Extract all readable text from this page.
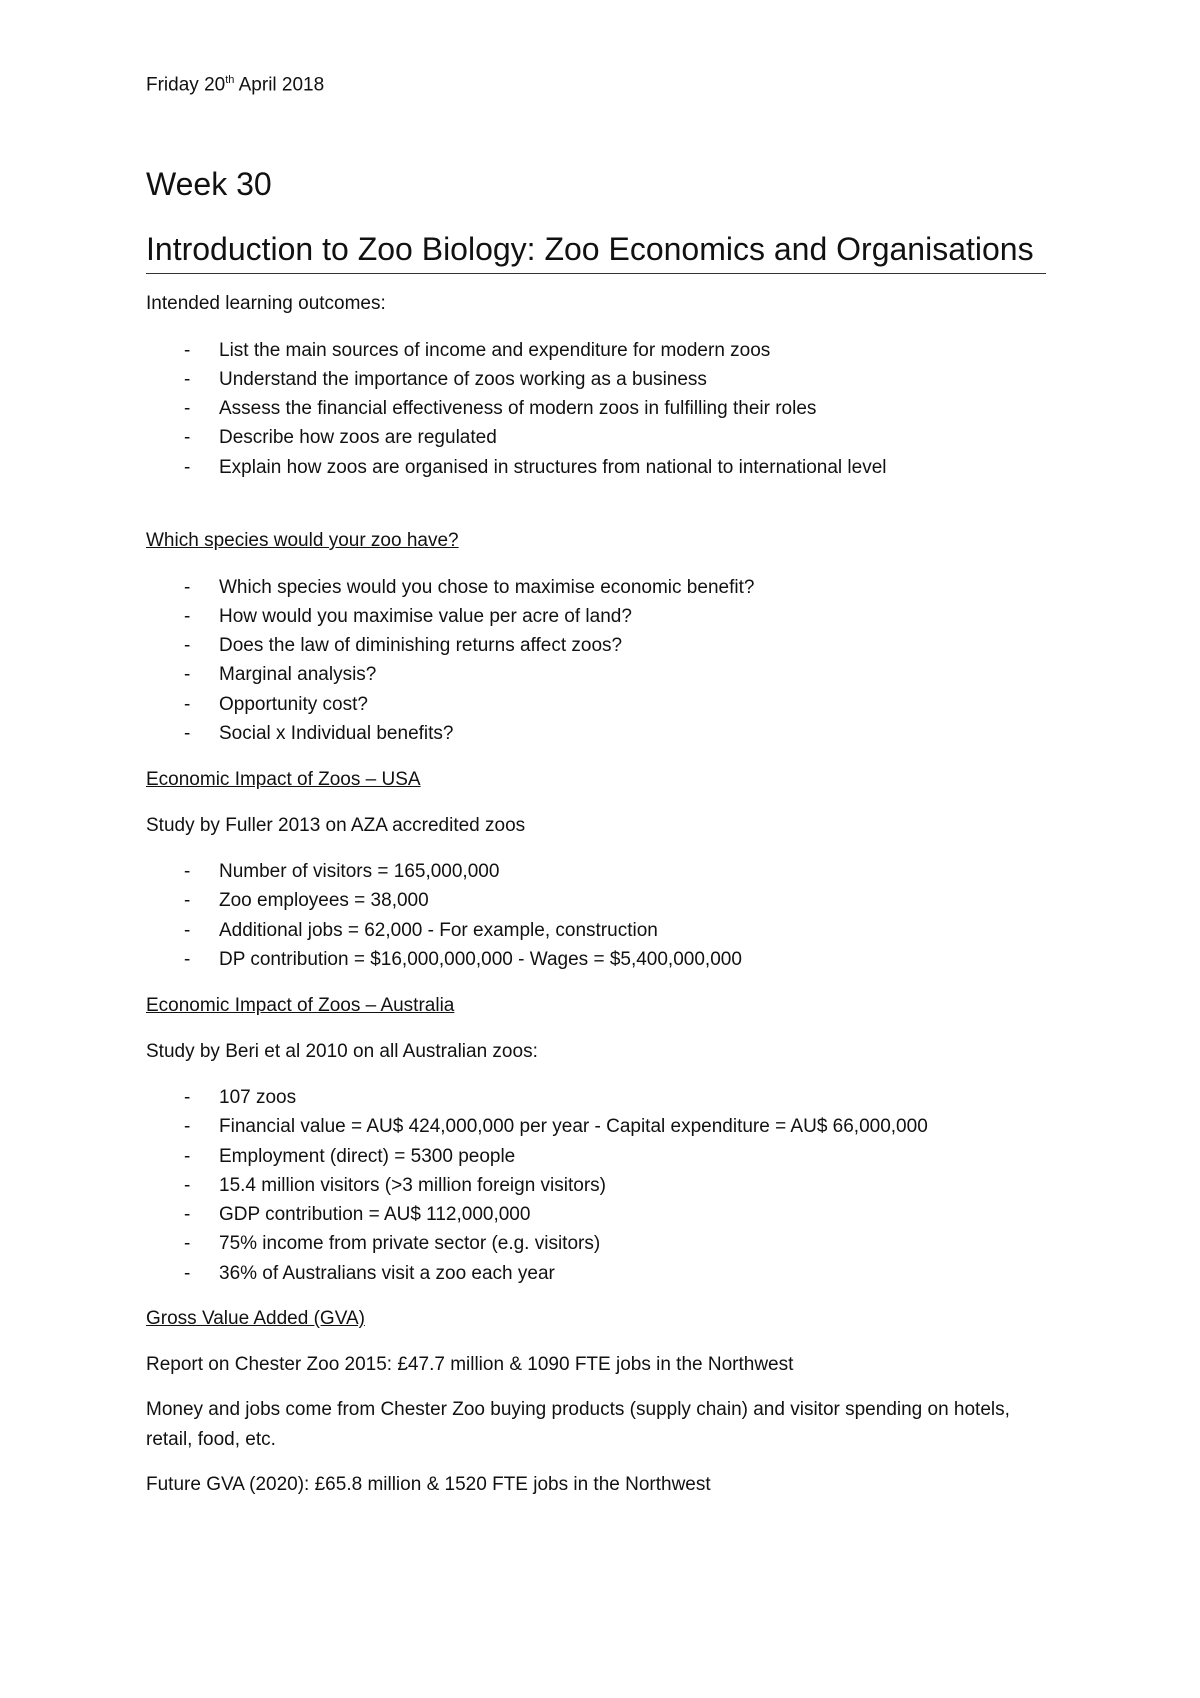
Friday 20th April 2018
Week 30
Introduction to Zoo Biology: Zoo Economics and Organisations
Intended learning outcomes:
- List the main sources of income and expenditure for modern zoos
- Understand the importance of zoos working as a business
- Assess the financial effectiveness of modern zoos in fulfilling their roles
- Describe how zoos are regulated
- Explain how zoos are organised in structures from national to international level
Which species would your zoo have?
- Which species would you chose to maximise economic benefit?
- How would you maximise value per acre of land?
- Does the law of diminishing returns affect zoos?
- Marginal analysis?
- Opportunity cost?
- Social x Individual benefits?
Economic Impact of Zoos – USA
Study by Fuller 2013 on AZA accredited zoos
- Number of visitors = 165,000,000
- Zoo employees = 38,000
- Additional jobs = 62,000 - For example, construction
- DP contribution = $16,000,000,000 - Wages = $5,400,000,000
Economic Impact of Zoos – Australia
Study by Beri et al 2010 on all Australian zoos:
- 107 zoos
- Financial value = AU$ 424,000,000 per year - Capital expenditure = AU$ 66,000,000
- Employment (direct) = 5300 people
- 15.4 million visitors (>3 million foreign visitors)
- GDP contribution = AU$ 112,000,000
- 75% income from private sector (e.g. visitors)
- 36% of Australians visit a zoo each year
Gross Value Added (GVA)
Report on Chester Zoo 2015: £47.7 million & 1090 FTE jobs in the Northwest
Money and jobs come from Chester Zoo buying products (supply chain) and visitor spending on hotels, retail, food, etc.
Future GVA (2020): £65.8 million & 1520 FTE jobs in the Northwest
